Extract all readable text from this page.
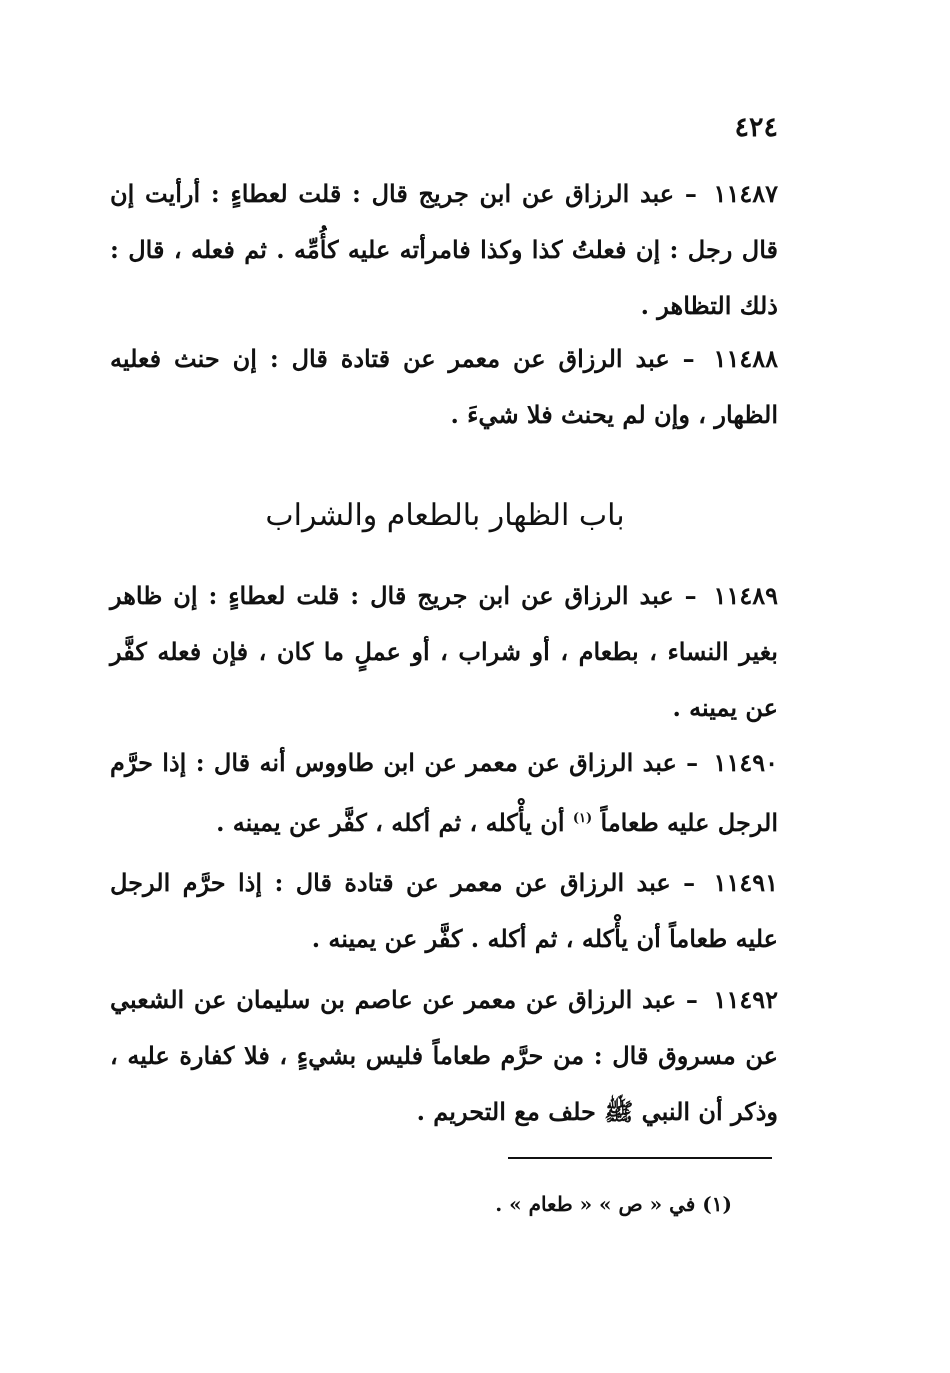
٤٢٤

١١٤٨٧ – عبد الرزاق عن ابن جريج قال : قلت لعطاءٍ : أرأيت إن قال رجل : إن فعلتُ كذا وكذا فامرأته عليه كأُمِّه . ثم فعله ، قال : ذلك التظاهر .

١١٤٨٨ – عبد الرزاق عن معمر عن قتادة قال : إن حنث فعليه الظهار ، وإن لم يحنث فلا شيءَ .

باب الظهار بالطعام والشراب

١١٤٨٩ – عبد الرزاق عن ابن جريج قال : قلت لعطاءٍ : إن ظاهر بغير النساء ، بطعام ، أو شراب ، أو عملٍ ما كان ، فإن فعله كفَّر عن يمينه .

١١٤٩٠ – عبد الرزاق عن معمر عن ابن طاووس أنه قال : إذا حرَّم الرجل عليه طعاماً $^{(١)}$ أن يأْكله ، ثم أكله ، كفَّر عن يمينه .

١١٤٩١ – عبد الرزاق عن معمر عن قتادة قال : إذا حرَّم الرجل عليه طعاماً أن يأْكله ، ثم أكله . كفَّر عن يمينه .

١١٤٩٢ – عبد الرزاق عن معمر عن عاصم بن سليمان عن الشعبي عن مسروق قال : من حرَّم طعاماً فليس بشيءٍ ، فلا كفارة عليه ، وذكر أن النبي ﷺ حلف مع التحريم .

(١) في « ص » « طعام » .
